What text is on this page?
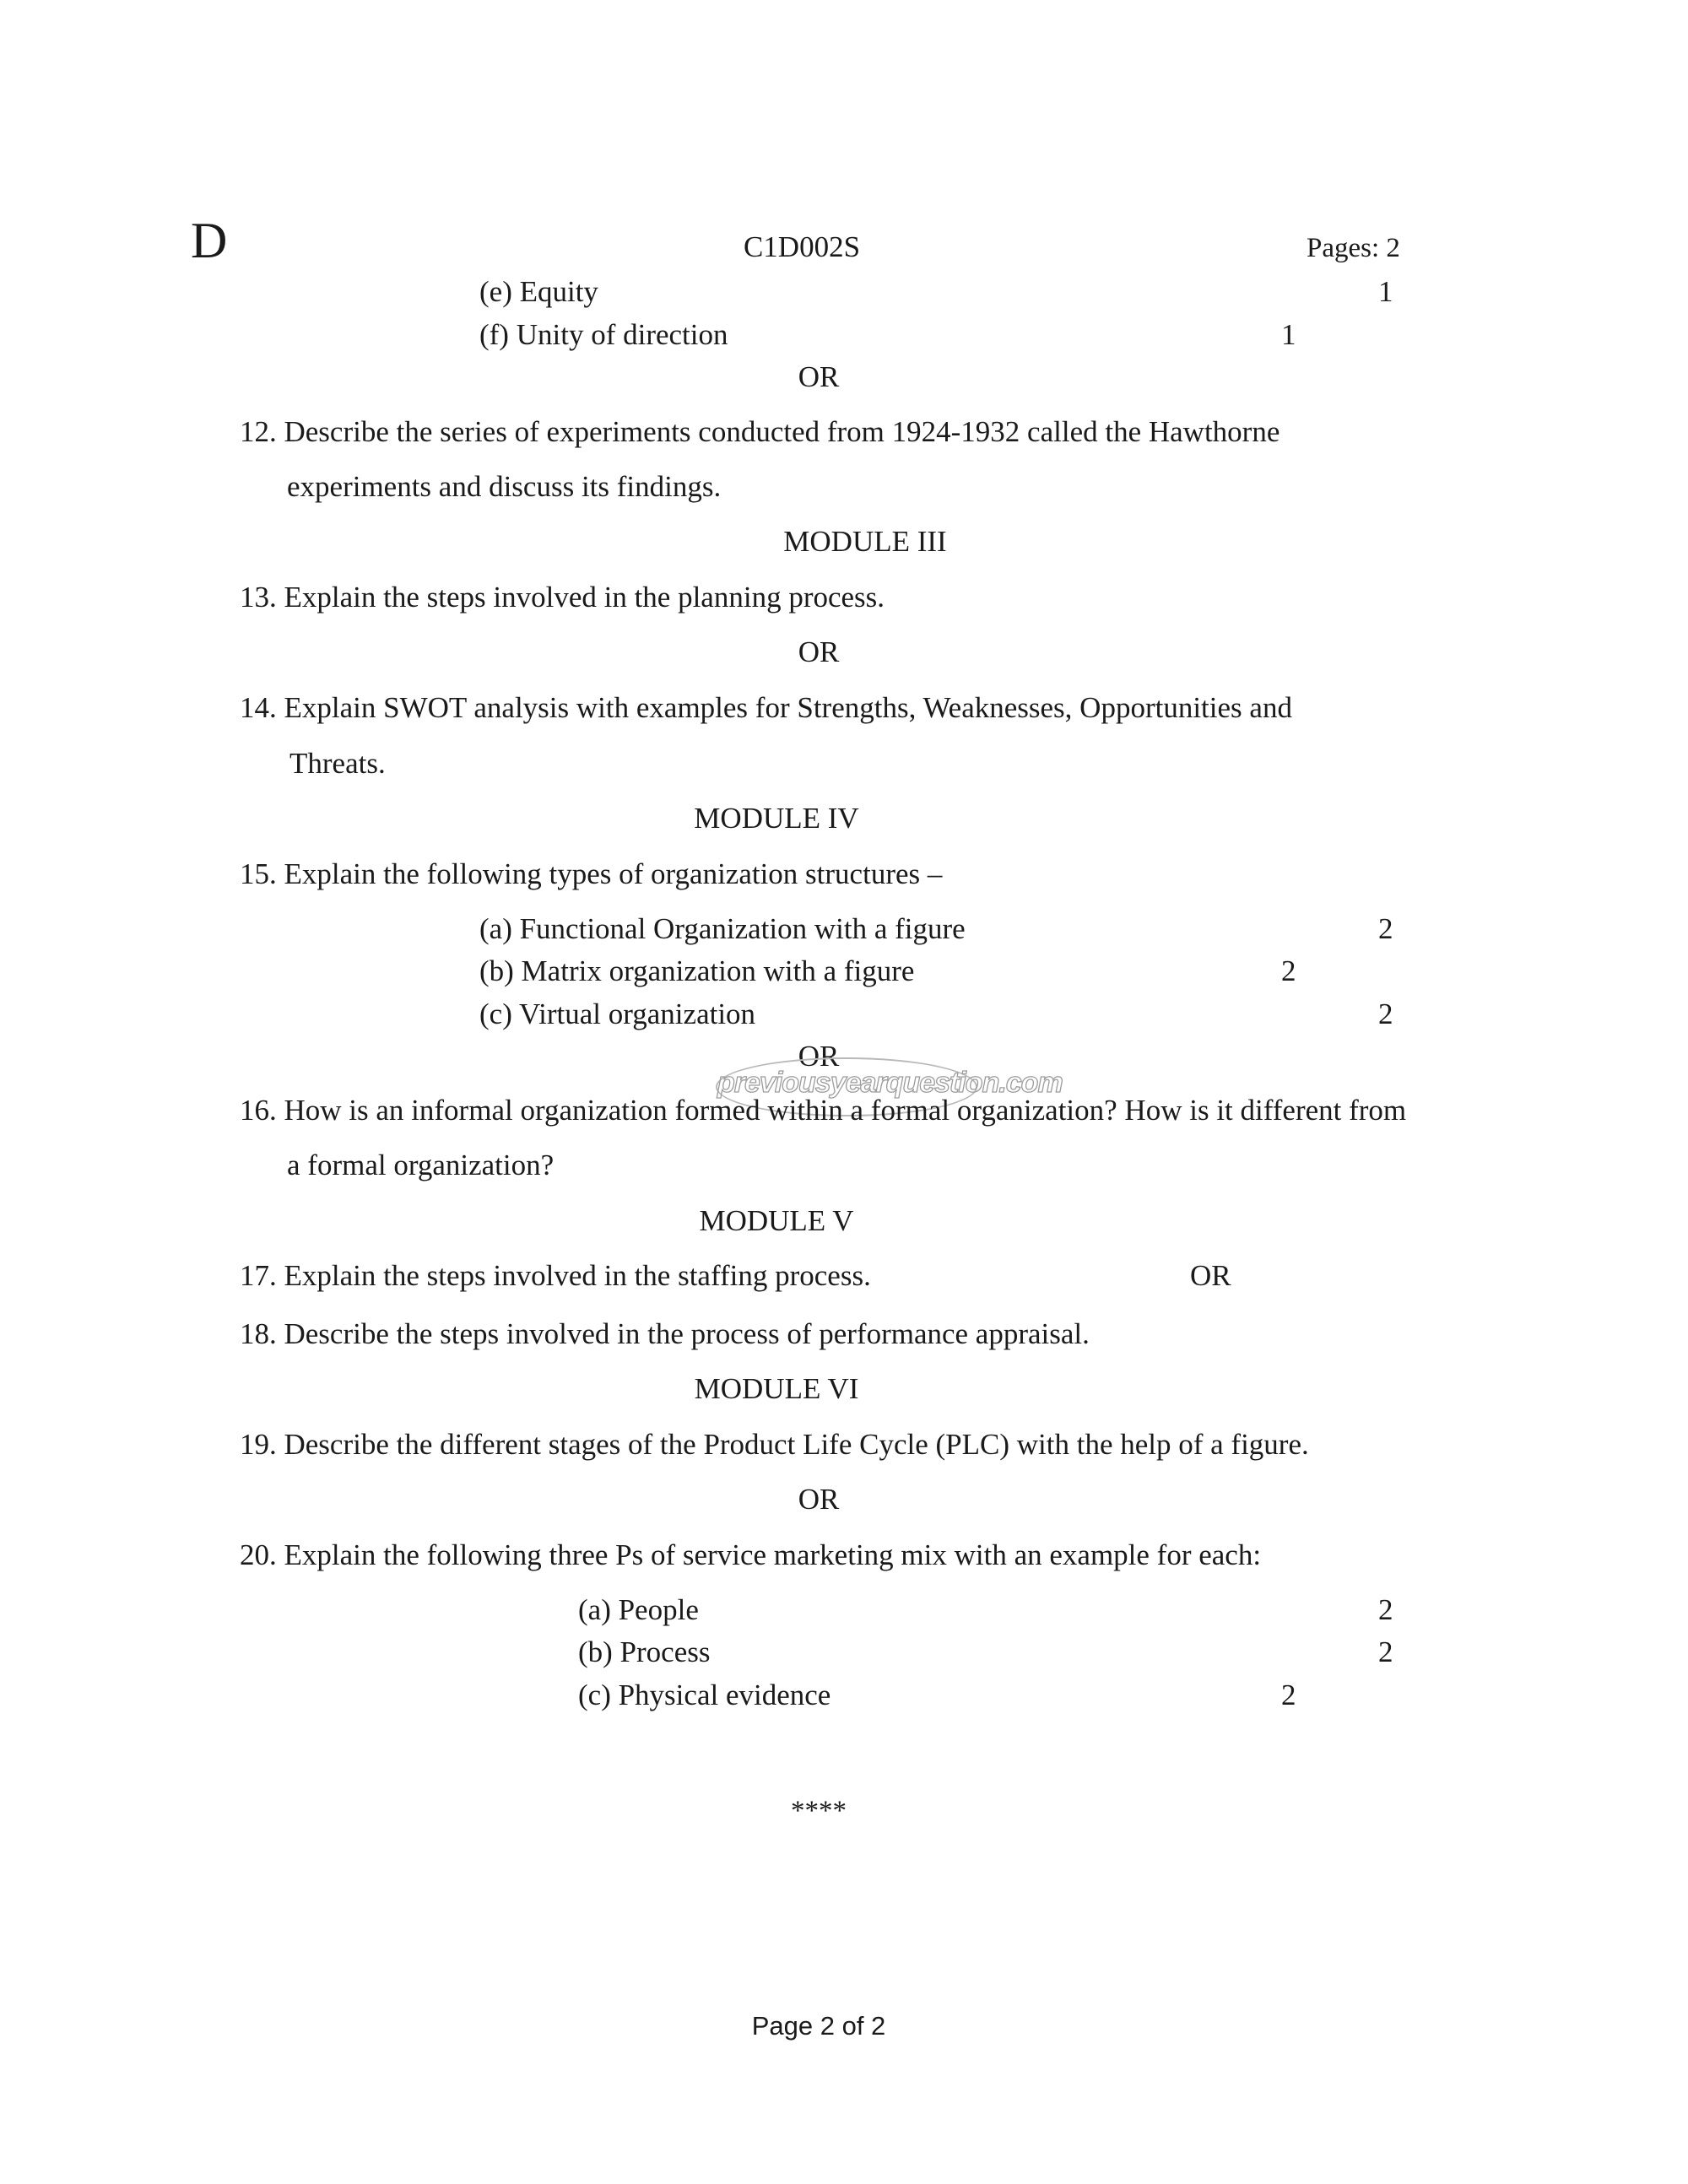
D	C1D002S	Pages: 2
(e) Equity	1
(f) Unity of direction	1
OR
12. Describe the series of experiments conducted from 1924-1932 called the Hawthorne
experiments and discuss its findings.
MODULE III
13. Explain the steps involved in the planning process.
OR
14. Explain SWOT analysis with examples for Strengths, Weaknesses, Opportunities and
Threats.
MODULE IV
15. Explain the following types of organization structures –
(a) Functional Organization with a figure	2
(b) Matrix organization with a figure	2
(c) Virtual organization	2
OR
previousyearquestion.com
16. How is an informal organization formed within a formal organization? How is it different from
a formal organization?
MODULE V
17. Explain the steps involved in the staffing process.	OR
18. Describe the steps involved in the process of performance appraisal.
MODULE VI
19. Describe the different stages of the Product Life Cycle (PLC) with the help of a figure.
OR
20. Explain the following three Ps of service marketing mix with an example for each:
(a) People	2
(b) Process	2
(c) Physical evidence	2
****
Page 2 of 2
